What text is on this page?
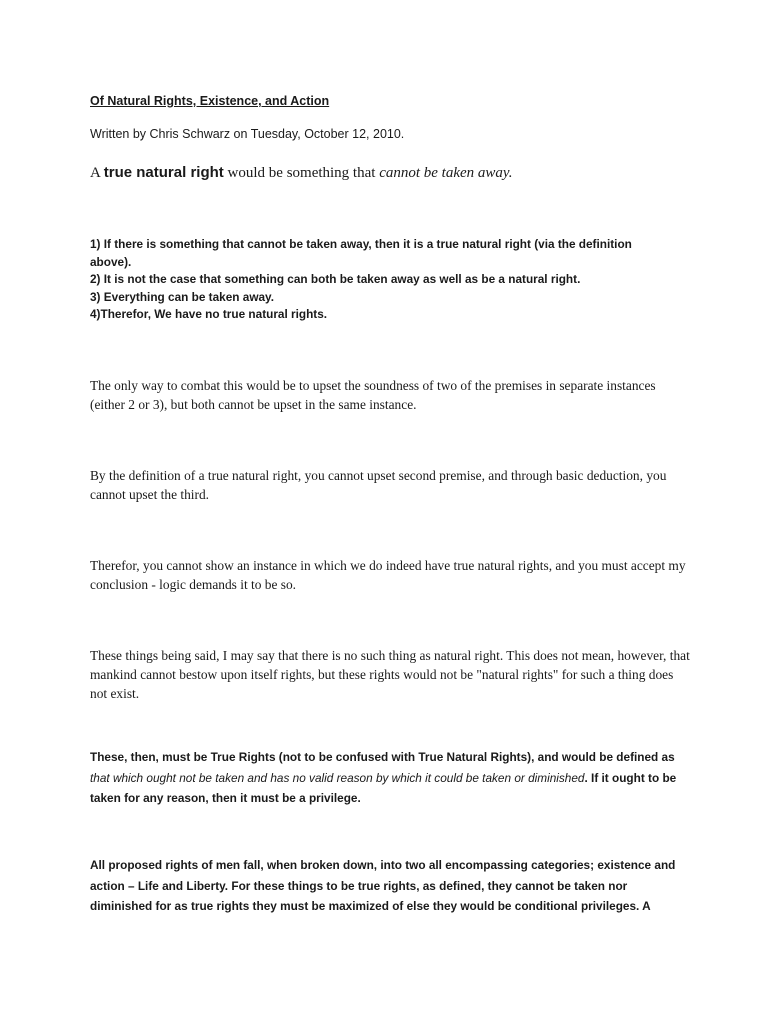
Of Natural Rights, Existence, and Action
Written by Chris Schwarz on Tuesday, October 12, 2010.
A true natural right would be something that cannot be taken away.
1) If there is something that cannot be taken away, then it is a true natural right (via the definition
above).
2) It is not the case that something can both be taken away as well as be a natural right.
3) Everything can be taken away.
4)Therefor, We have no true natural rights.
The only way to combat this would be to upset the soundness of two of the premises in separate instances (either 2 or 3), but both cannot be upset in the same instance.
By the definition of a true natural right, you cannot upset second premise, and through basic deduction, you cannot upset the third.
Therefor, you cannot show an instance in which we do indeed have true natural rights, and you must accept my conclusion - logic demands it to be so.
These things being said, I may say that there is no such thing as natural right. This does not mean, however, that mankind cannot bestow upon itself rights, but these rights would not be "natural rights" for such a thing does not exist.
These, then, must be True Rights (not to be confused with True Natural Rights), and would be defined as that which ought not be taken and has no valid reason by which it could be taken or diminished. If it ought to be taken for any reason, then it must be a privilege.
All proposed rights of men fall, when broken down, into two all encompassing categories; existence and action – Life and Liberty. For these things to be true rights, as defined, they cannot be taken nor diminished for as true rights they must be maximized of else they would be conditional privileges. A
